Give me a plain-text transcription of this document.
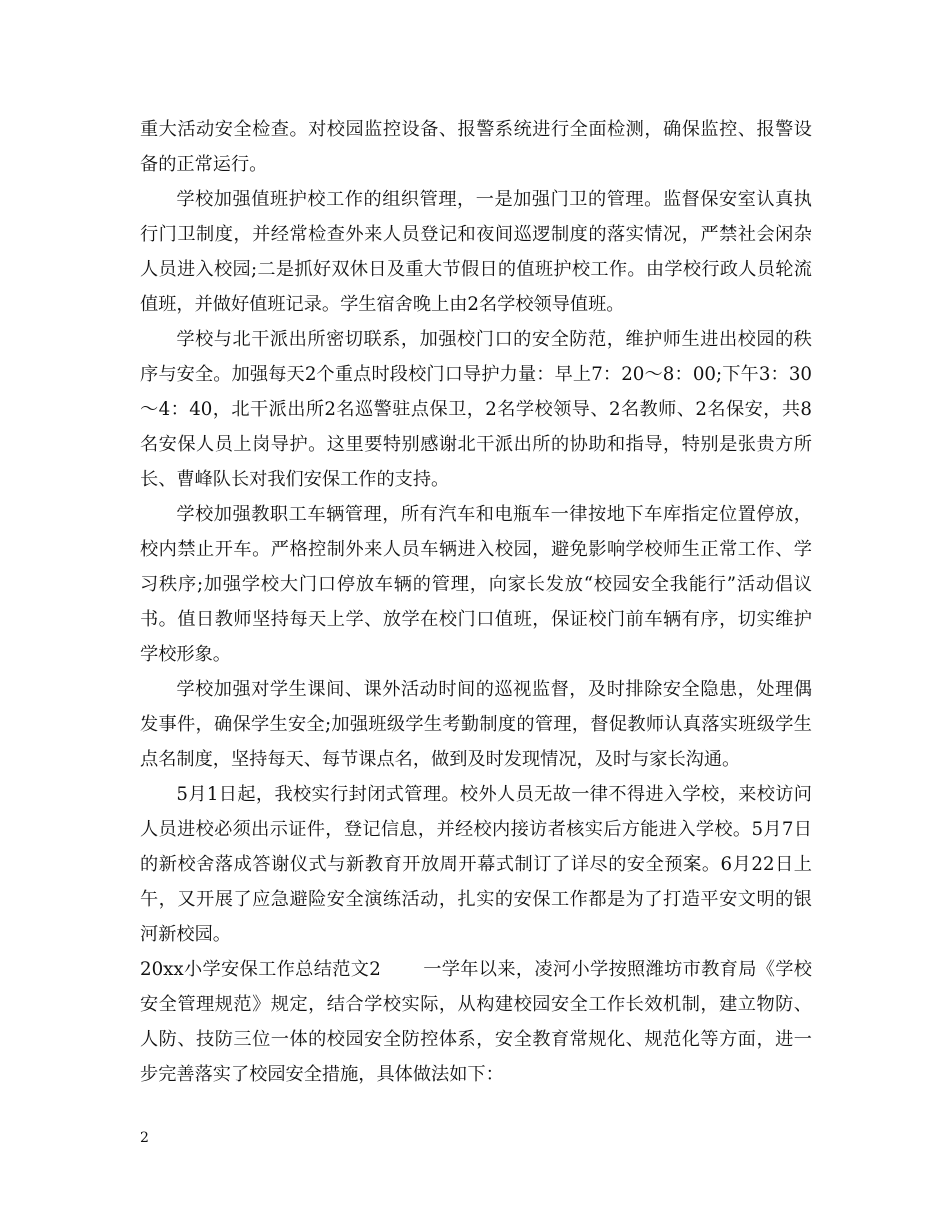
重大活动安全检查。对校园监控设备、报警系统进行全面检测，确保监控、报警设备的正常运行。

学校加强值班护校工作的组织管理，一是加强门卫的管理。监督保安室认真执行门卫制度，并经常检查外来人员登记和夜间巡逻制度的落实情况，严禁社会闲杂人员进入校园;二是抓好双休日及重大节假日的值班护校工作。由学校行政人员轮流值班，并做好值班记录。学生宿舍晚上由2名学校领导值班。

学校与北干派出所密切联系，加强校门口的安全防范，维护师生进出校园的秩序与安全。加强每天2个重点时段校门口导护力量：早上7：20～8：00;下午3：30～4：40，北干派出所2名巡警驻点保卫，2名学校领导、2名教师、2名保安，共8名安保人员上岗导护。这里要特别感谢北干派出所的协助和指导，特别是张贵方所长、曹峰队长对我们安保工作的支持。

学校加强教职工车辆管理，所有汽车和电瓶车一律按地下车库指定位置停放，校内禁止开车。严格控制外来人员车辆进入校园，避免影响学校师生正常工作、学习秩序;加强学校大门口停放车辆的管理，向家长发放“校园安全我能行”活动倡议书。值日教师坚持每天上学、放学在校门口值班，保证校门前车辆有序，切实维护学校形象。

学校加强对学生课间、课外活动时间的巡视监督，及时排除安全隐患，处理偶发事件，确保学生安全;加强班级学生考勤制度的管理，督促教师认真落实班级学生点名制度，坚持每天、每节课点名，做到及时发现情况，及时与家长沟通。

5月1日起，我校实行封闭式管理。校外人员无故一律不得进入学校，来校访问人员进校必须出示证件，登记信息，并经校内接访者核实后方能进入学校。5月7日的新校舍落成答谢仪式与新教育开放周开幕式制订了详尽的安全预案。6月22日上午，又开展了应急避险安全演练活动，扎实的安保工作都是为了打造平安文明的银河新校园。

20xx小学安保工作总结范文2 一学年以来，凌河小学按照潍坊市教育局《学校安全管理规范》规定，结合学校实际，从构建校园安全工作长效机制，建立物防、人防、技防三位一体的校园安全防控体系，安全教育常规化、规范化等方面，进一步完善落实了校园安全措施，具体做法如下：

2
